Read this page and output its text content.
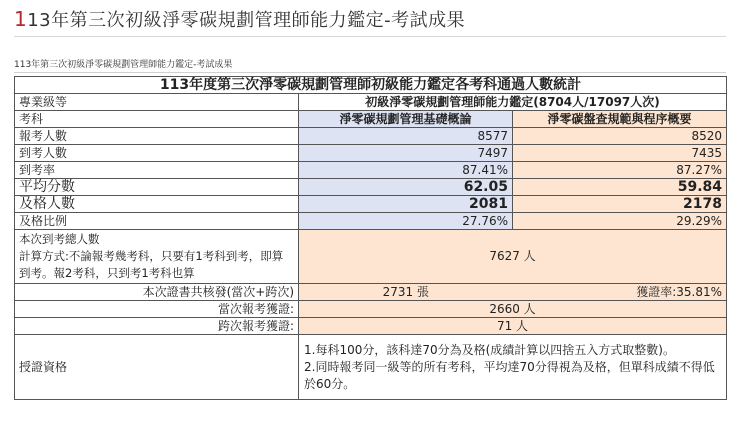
113年第三次初級淨零碳規劃管理師能力鑑定-考試成果
113年第三次初級淨零碳規劃管理師能力鑑定-考試成果
113年度第三次淨零碳規劃管理師初級能力鑑定各考科通過人數統計		
專業級等	初級淨零碳規劃管理師能力鑑定(8704人/17097人次)	
考科	淨零碳規劃管理基礎概論	淨零碳盤查規範與程序概要
報考人數	8577	8520
到考人數	7497	7435
到考率	87.41%	87.27%
平均分數	62.05	59.84
及格人數	2081	2178
及格比例	27.76%	29.29%

本次到考總人數
計算方式:不論報考幾考科，只要有1考科到考，即算到考。報2考科，只到考1考科也算	7627 人	
本次證書共核發(當次+跨次)	2731 張	獲證率:35.81%
當次報考獲證:	2660 人	
跨次報考獲證:	71 人	
授證資格	1.每科100分，該科達70分為及格(成績計算以四捨五入方式取整數)。
2.同時報考同一級等的所有考科，平均達70分得視為及格，但單科成績不得低於60分。	
